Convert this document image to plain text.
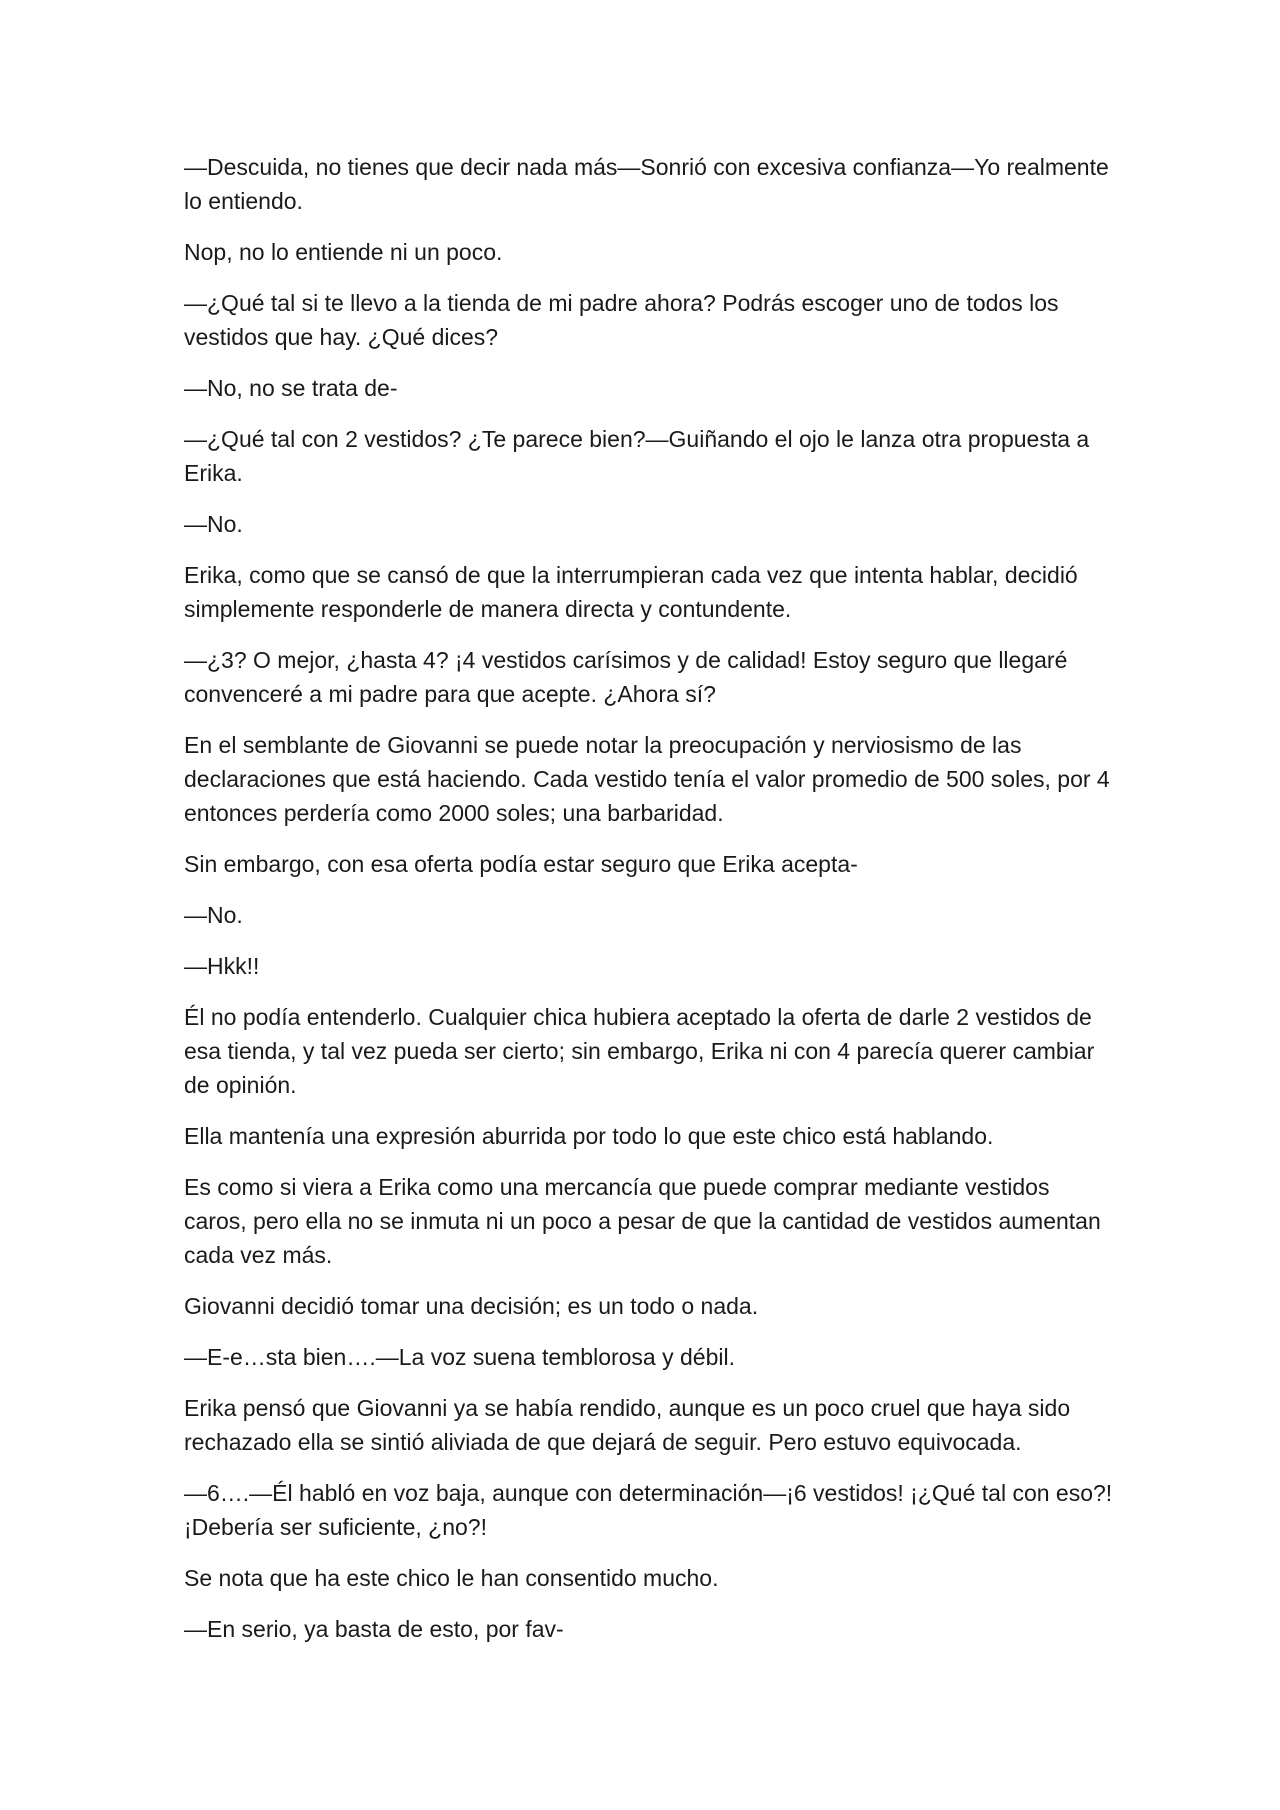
—Descuida, no tienes que decir nada más—Sonrió con excesiva confianza—Yo realmente lo entiendo.

Nop, no lo entiende ni un poco.

—¿Qué tal si te llevo a la tienda de mi padre ahora? Podrás escoger uno de todos los vestidos que hay. ¿Qué dices?

—No, no se trata de-

—¿Qué tal con 2 vestidos? ¿Te parece bien?—Guiñando el ojo le lanza otra propuesta a Erika.

—No.

Erika, como que se cansó de que la interrumpieran cada vez que intenta hablar, decidió simplemente responderle de manera directa y contundente.

—¿3? O mejor, ¿hasta 4? ¡4 vestidos carísimos y de calidad! Estoy seguro que llegaré convenceré a mi padre para que acepte. ¿Ahora sí?

En el semblante de Giovanni se puede notar la preocupación y nerviosismo de las declaraciones que está haciendo. Cada vestido tenía el valor promedio de 500 soles, por 4 entonces perdería como 2000 soles; una barbaridad.

Sin embargo, con esa oferta podía estar seguro que Erika acepta-

—No.

—Hkk!!

Él no podía entenderlo. Cualquier chica hubiera aceptado la oferta de darle 2 vestidos de esa tienda, y tal vez pueda ser cierto; sin embargo, Erika ni con 4 parecía querer cambiar de opinión.

Ella mantenía una expresión aburrida por todo lo que este chico está hablando.

Es como si viera a Erika como una mercancía que puede comprar mediante vestidos caros, pero ella no se inmuta ni un poco a pesar de que la cantidad de vestidos aumentan cada vez más.

Giovanni decidió tomar una decisión; es un todo o nada.

—E-e…sta bien….—La voz suena temblorosa y débil.

Erika pensó que Giovanni ya se había rendido, aunque es un poco cruel que haya sido rechazado ella se sintió aliviada de que dejará de seguir. Pero estuvo equivocada.

—6….—Él habló en voz baja, aunque con determinación—¡6 vestidos! ¡¿Qué tal con eso?! ¡Debería ser suficiente, ¿no?!

Se nota que ha este chico le han consentido mucho.

—En serio, ya basta de esto, por fav-
